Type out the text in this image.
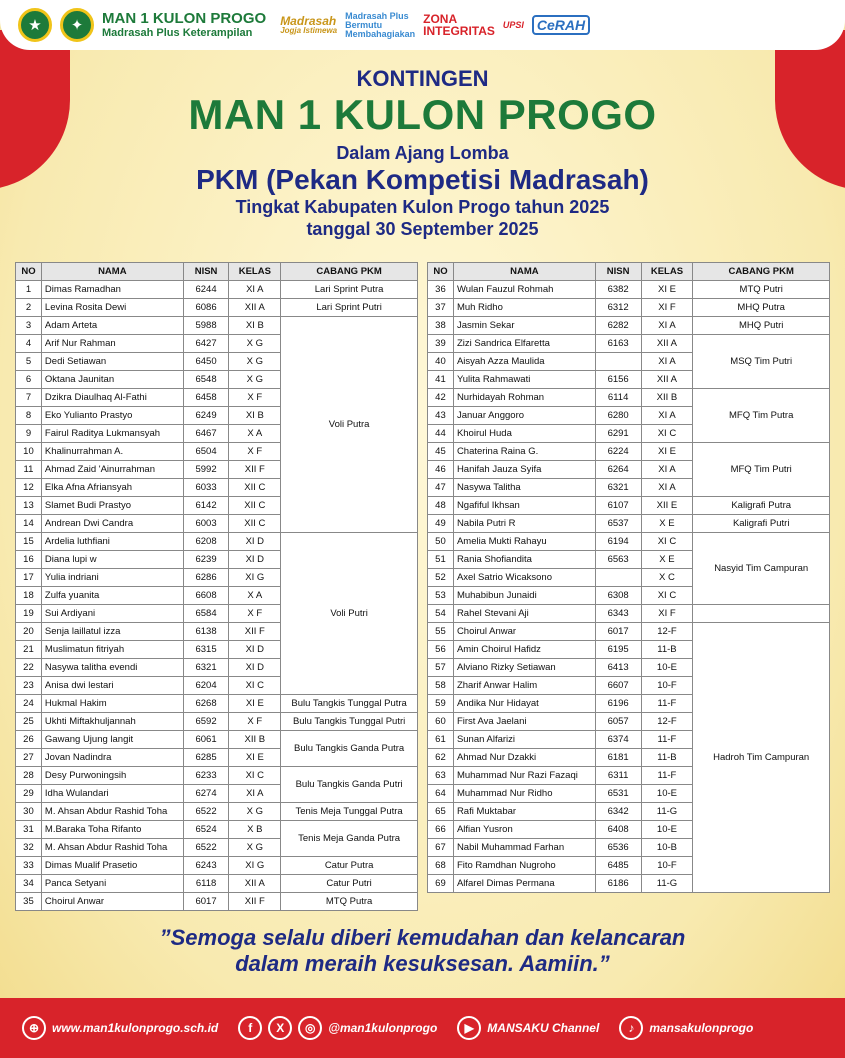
★	✦	MAN 1 KULON PROGO
Madrasah Plus Keterampilan
Madrasah
Jogja Istimewa
Madrasah Plus Bermutu Membahagiakan
ZONA
INTEGRITAS UPSI CeRAH
KONTINGEN
MAN 1 KULON PROGO
Dalam Ajang Lomba
PKM (Pekan Kompetisi Madrasah)
Tingkat Kabupaten Kulon Progo tahun 2025
tanggal 30 September 2025
NO	NAMA	NISN	KELAS	CABANG PKM
1	Dimas Ramadhan	6244	XI A	Lari Sprint Putra
2	Levina Rosita Dewi	6086	XII A	Lari Sprint Putri
3	Adam Arteta	5988	XI B	Voli Putra
4	Arif Nur Rahman	6427	X G	
5	Dedi Setiawan	6450	X G	
6	Oktana Jaunitan	6548	X G	
7	Dzikra Diaulhaq Al-Fathi	6458	X F	
8	Eko Yulianto Prastyo	6249	XI B	
9	Fairul Raditya Lukmansyah	6467	X A	
10	Khalinurrahman A.	6504	X F	
11	Ahmad Zaid 'Ainurrahman	5992	XII F	
12	Elka Afna Afriansyah	6033	XII C	
13	Slamet Budi Prastyo	6142	XII C	
14	Andrean Dwi Candra	6003	XII C	
15	Ardelia luthfiani	6208	XI D	Voli Putri
16	Diana lupi w	6239	XI D	
17	Yulia indriani	6286	XI G	
18	Zulfa yuanita	6608	X A	
19	Sui Ardiyani	6584	X F	
20	Senja laillatul izza	6138	XII F	
21	Muslimatun fitriyah	6315	XI D	
22	Nasywa talitha evendi	6321	XI D	
23	Anisa dwi lestari	6204	XI C	
24	Hukmal Hakim	6268	XI E	Bulu Tangkis Tunggal Putra
25	Ukhti Miftakhuljannah	6592	X F	Bulu Tangkis Tunggal Putri
26	Gawang Ujung langit	6061	XII B	Bulu Tangkis Ganda Putra
27	Jovan Nadindra	6285	XI E	
28	Desy Purwoningsih	6233	XI C	Bulu Tangkis Ganda Putri
29	Idha Wulandari	6274	XI A	
30	M. Ahsan Abdur Rashid Toha	6522	X G	Tenis Meja Tunggal Putra
31	M.Baraka Toha Rifanto	6524	X B	Tenis Meja Ganda Putra
32	M. Ahsan Abdur Rashid Toha	6522	X G	
33	Dimas Mualif Prasetio	6243	XI G	Catur Putra
34	Panca Setyani	6118	XII A	Catur Putri
35	Choirul Anwar	6017	XII F	MTQ Putra
NO	NAMA	NISN	KELAS	CABANG PKM
36	Wulan Fauzul Rohmah	6382	XI E	MTQ Putri
37	Muh Ridho	6312	XI F	MHQ Putra
38	Jasmin Sekar	6282	XI A	MHQ Putri
39	Zizi Sandrica Elfaretta	6163	XII A	MSQ Tim Putri
40	Aisyah Azza Maulida		XI A	
41	Yulita Rahmawati	6156	XII A	
42	Nurhidayah Rohman	6114	XII B	MFQ Tim Putra
43	Januar Anggoro	6280	XI A	
44	Khoirul Huda	6291	XI C	
45	Chaterina Raina G.	6224	XI E	MFQ Tim Putri
46	Hanifah Jauza Syifa	6264	XI A	
47	Nasywa Talitha	6321	XI A	
48	Ngafiful Ikhsan	6107	XII E	Kaligrafi Putra
49	Nabila Putri R	6537	X E	Kaligrafi Putri
50	Amelia Mukti Rahayu	6194	XI C	Nasyid Tim Campuran
51	Rania Shofiandita	6563	X E	
52	Axel Satrio Wicaksono		X C	
53	Muhabibun Junaidi	6308	XI C	
54	Rahel Stevani Aji	6343	XI F	
55	Choirul Anwar	6017	12-F	Hadroh Tim Campuran
56	Amin Choirul Hafidz	6195	11-B	
57	Alviano Rizky Setiawan	6413	10-E	
58	Zharif Anwar Halim	6607	10-F	
59	Andika Nur Hidayat	6196	11-F	
60	First Ava Jaelani	6057	12-F	
61	Sunan Alfarizi	6374	11-F	
62	Ahmad Nur Dzakki	6181	11-B	
63	Muhammad Nur Razi Fazaqi	6311	11-F	
64	Muhammad Nur Ridho	6531	10-E	
65	Rafi Muktabar	6342	11-G	
66	Alfian Yusron	6408	10-E	
67	Nabil Muhammad Farhan	6536	10-B	
68	Fito Ramdhan Nugroho	6485	10-F	
69	Alfarel Dimas Permana	6186	11-G	
”Semoga selalu diberi kemudahan dan kelancaran
dalam meraih kesuksesan. Aamiin.”
⊕	www.man1kulonprogo.sch.id	f	X	◎	@man1kulonprogo	▶	MANSAKU Channel	♪	mansakulonprogo
